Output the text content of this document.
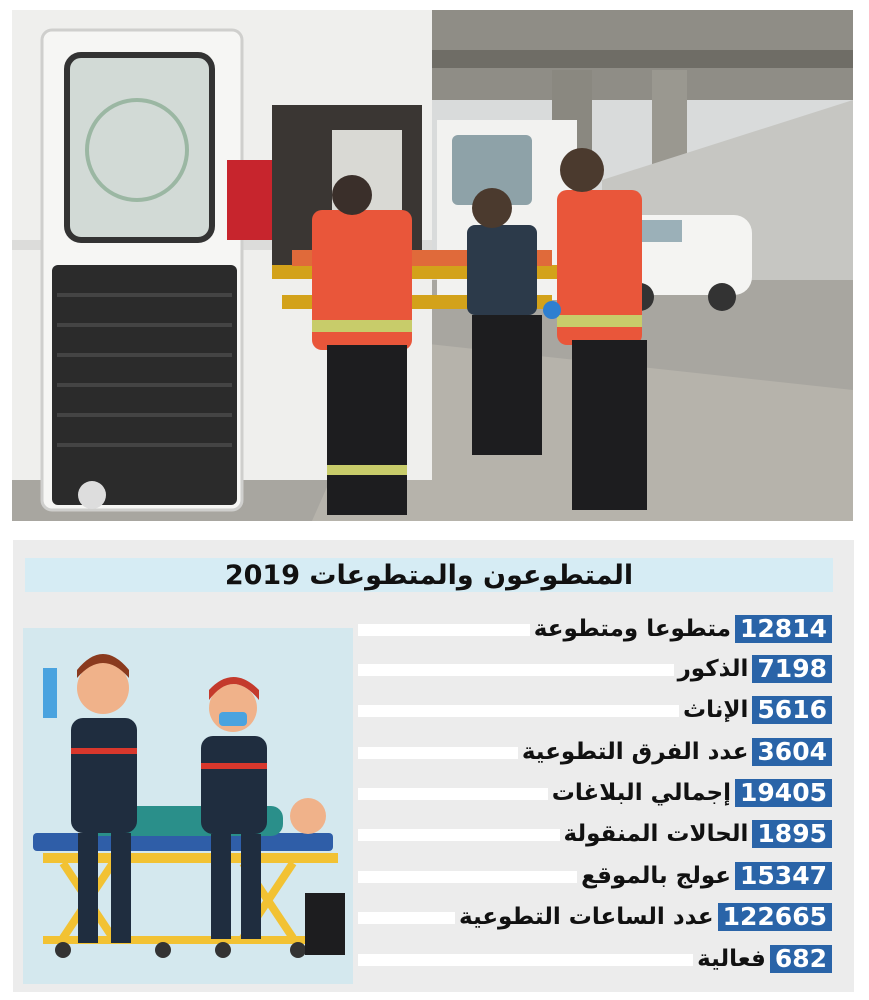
المتطوعون والمتطوعات 2019
12814
متطوعا ومتطوعة
7198
الذكور
5616
الإناث
3604
عدد الفرق التطوعية
19405
إجمالي البلاغات
1895
الحالات المنقولة
15347
عولج بالموقع
122665
عدد الساعات التطوعية
682
فعالية
